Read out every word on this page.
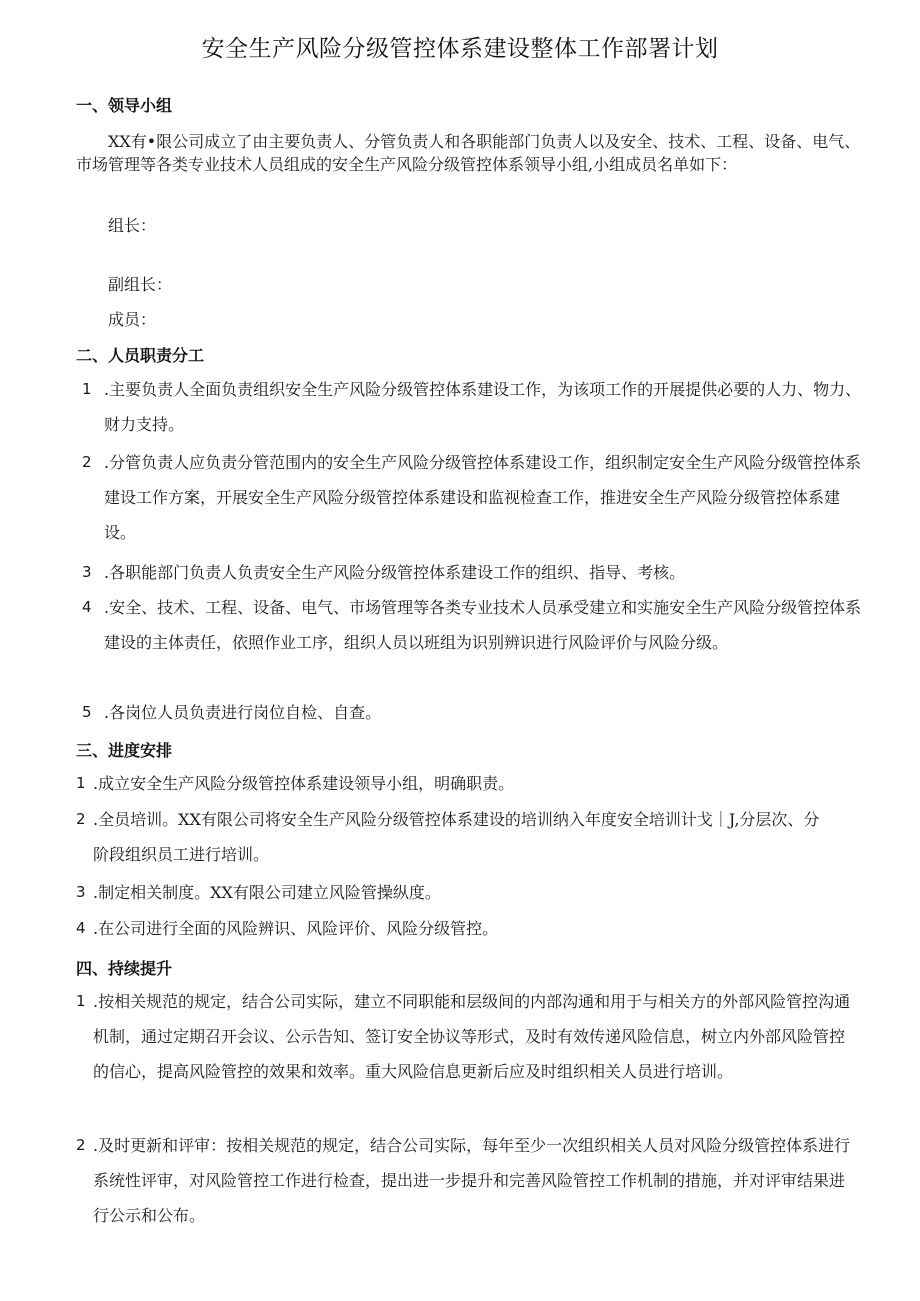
安全生产风险分级管控体系建设整体工作部署计划
一、领导小组
XX有•限公司成立了由主要负责人、分管负责人和各职能部门负责人以及安全、技术、工程、设备、电气、市场管理等各类专业技术人员组成的安全生产风险分级管控体系领导小组,小组成员名单如下：
组长：
副组长：
成员：
二、人员职责分工
1 .主要负责人全面负责组织安全生产风险分级管控体系建设工作，为该项工作的开展提供必要的人力、物力、财力支持。
2 .分管负责人应负责分管范围内的安全生产风险分级管控体系建设工作，组织制定安全生产风险分级管控体系建设工作方案，开展安全生产风险分级管控体系建设和监视检查工作，推进安全生产风险分级管控体系建设。
3 .各职能部门负责人负责安全生产风险分级管控体系建设工作的组织、指导、考核。
4 .安全、技术、工程、设备、电气、市场管理等各类专业技术人员承受建立和实施安全生产风险分级管控体系建设的主体责任，依照作业工序，组织人员以班组为识别辨识进行风险评价与风险分级。
5 .各岗位人员负责进行岗位自检、自查。
三、进度安排
1 .成立安全生产风险分级管控体系建设领导小组，明确职责。
2 .全员培训。XX有限公司将安全生产风险分级管控体系建设的培训纳入年度安全培训计戈｜J,分层次、分阶段组织员工进行培训。
3 .制定相关制度。XX有限公司建立风险管操纵度。
4 .在公司进行全面的风险辨识、风险评价、风险分级管控。
四、持续提升
1 .按相关规范的规定，结合公司实际，建立不同职能和层级间的内部沟通和用于与相关方的外部风险管控沟通机制，通过定期召开会议、公示告知、签订安全协议等形式，及时有效传递风险信息，树立内外部风险管控的信心，提高风险管控的效果和效率。重大风险信息更新后应及时组织相关人员进行培训。
2 .及时更新和评审：按相关规范的规定，结合公司实际，每年至少一次组织相关人员对风险分级管控体系进行系统性评审，对风险管控工作进行检查，提出进一步提升和完善风险管控工作机制的措施，并对评审结果进行公示和公布。
